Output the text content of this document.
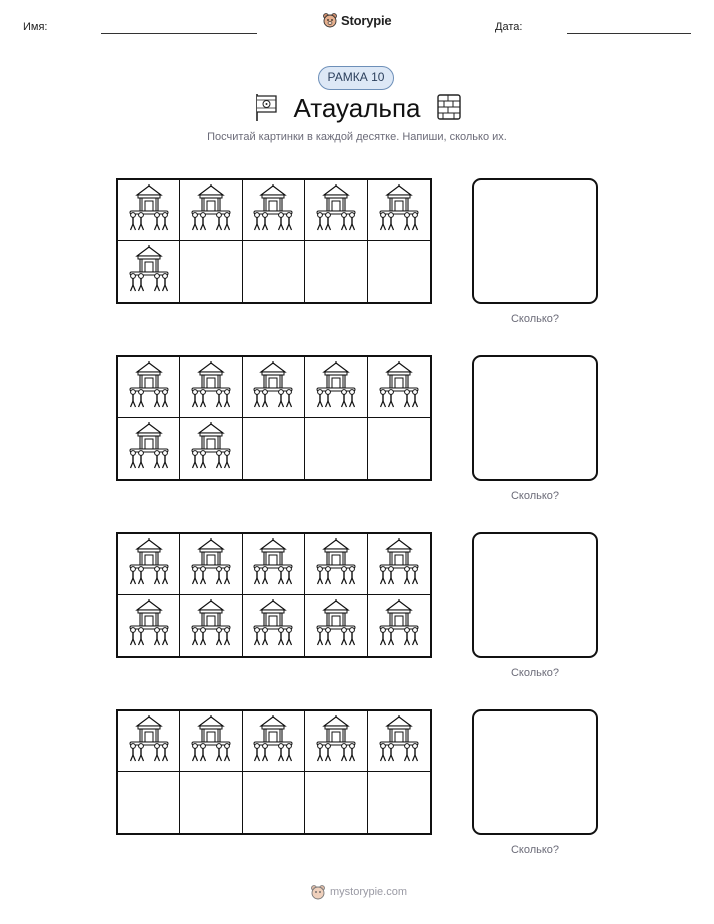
Имя:	Storypie	Дата:
РАМКА 10
Атауальпа
Посчитай картинки в каждой десятке. Напиши, сколько их.
Сколько?
Сколько?
Сколько?
Сколько?
mystorypie.com
